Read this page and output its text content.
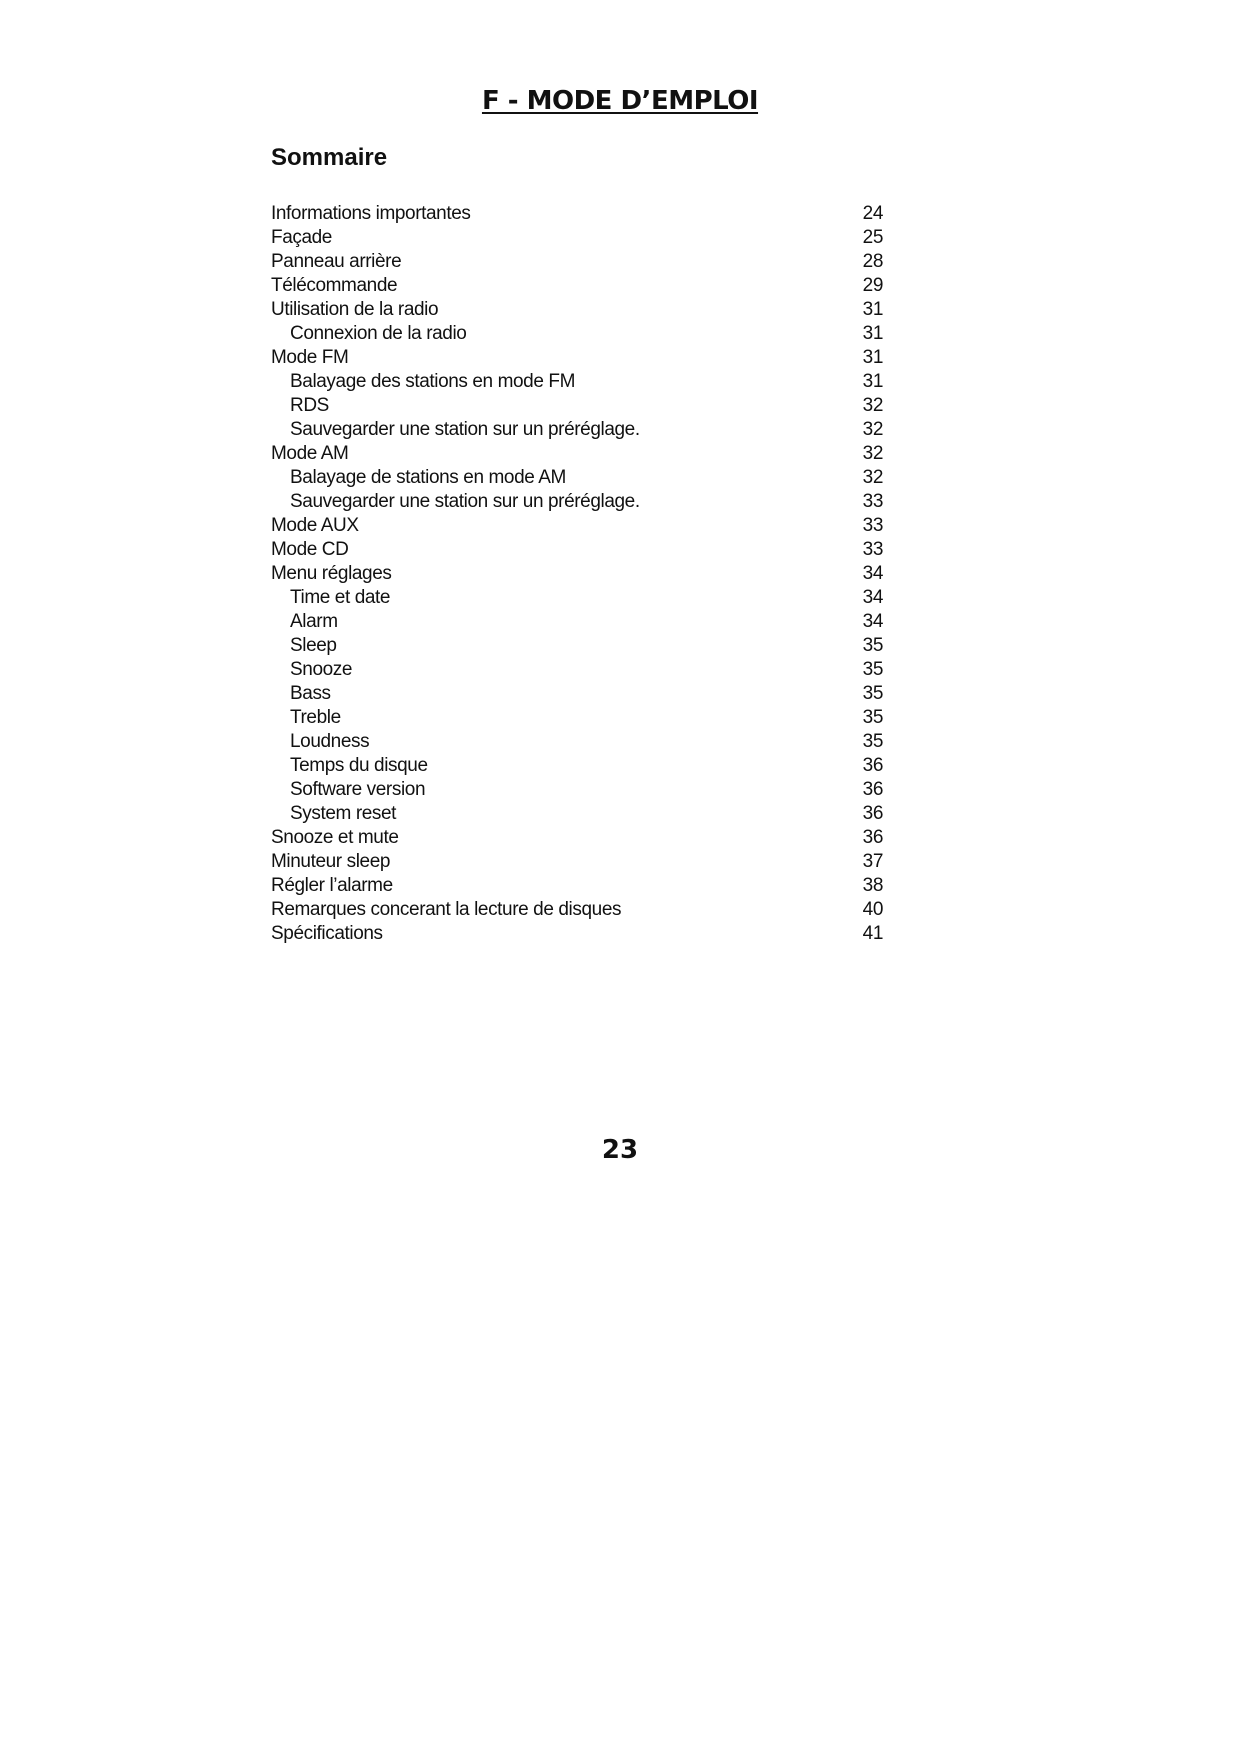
F - MODE D’EMPLOI
Sommaire
Informations importantes	24
Façade	25
Panneau arrière	28
Télécommande	29
Utilisation de la radio	31
Connexion de la radio	31
Mode FM	31
Balayage des stations en mode FM	31
RDS	32
Sauvegarder une station sur un préréglage.	32
Mode AM	32
Balayage de stations en mode AM	32
Sauvegarder une station sur un préréglage.	33
Mode AUX	33
Mode CD	33
Menu réglages	34
Time et date	34
Alarm	34
Sleep	35
Snooze	35
Bass	35
Treble	35
Loudness	35
Temps du disque	36
Software version	36
System reset	36
Snooze et mute	36
Minuteur sleep	37
Régler l’alarme	38
Remarques concerant la lecture de disques	40
Spécifications	41
23
